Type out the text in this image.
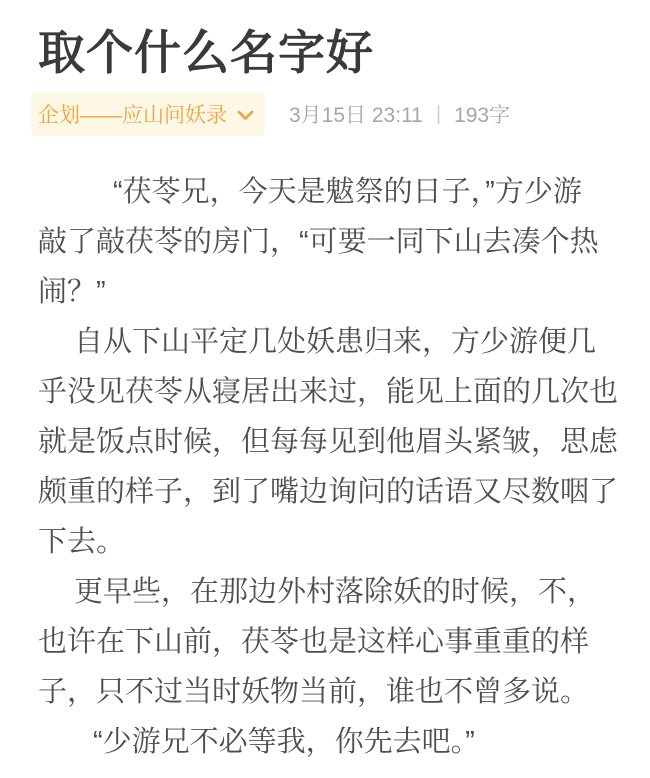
取个什么名字好
企划——应山问妖录	3月15日 23:11 | 193字
“茯苓兄，今天是魃祭的日子，”方少游
敲了敲茯苓的房门，“可要一同下山去凑个热
闹？”
自从下山平定几处妖患归来，方少游便几
乎没见茯苓从寝居出来过，能见上面的几次也
就是饭点时候，但每每见到他眉头紧皱，思虑
颇重的样子，到了嘴边询问的话语又尽数咽了
下去。
更早些，在那边外村落除妖的时候，不，
也许在下山前，茯苓也是这样心事重重的样
子，只不过当时妖物当前，谁也不曾多说。
“少游兄不必等我，你先去吧。”
